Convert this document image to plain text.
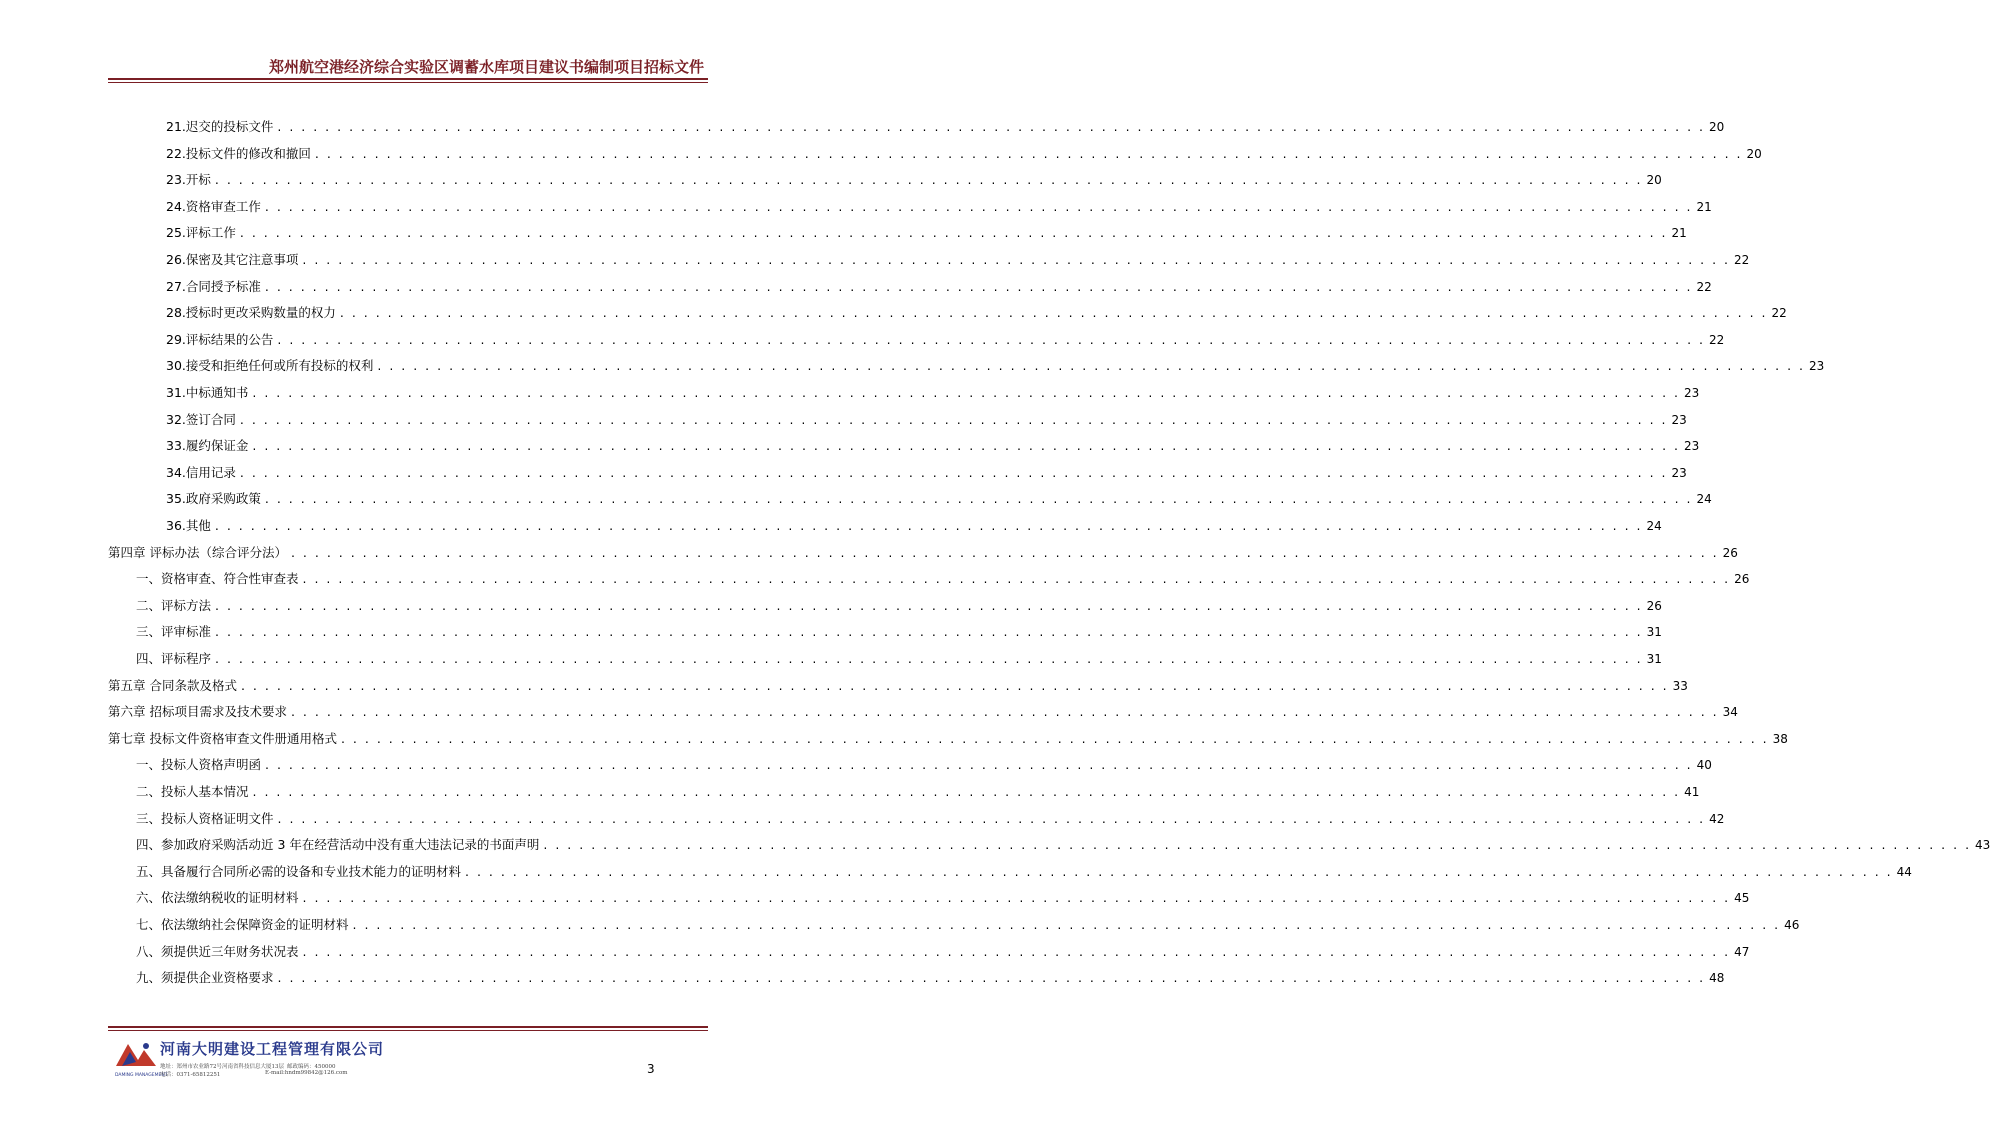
郑州航空港经济综合实验区调蓄水库项目建议书编制项目招标文件
21.迟交的投标文件 . . . . . . . . . . . . . . . . . . . . . . . . . . . . . . . . . . . . . . . . . . . . . . . . . . . . . . . . . . . . . . . . . . . . . . . . . . . . . . . . . . . . . . . . . . . . . . . . . . . . . . . . . . . . . . . . . . . . . . . . 20
22.投标文件的修改和撤回 . . . . . . . . . . . . . . . . . . . . . . . . . . . . . . . . . . . . . . . . . . . . . . . . . . . . . . . . . . . . . . . . . . . . . . . . . . . . . . . . . . . . . . . . . . . . . . . . . . . . . . . . . . . . . . . . . . . . . . . . 20
23.开标 . . . . . . . . . . . . . . . . . . . . . . . . . . . . . . . . . . . . . . . . . . . . . . . . . . . . . . . . . . . . . . . . . . . . . . . . . . . . . . . . . . . . . . . . . . . . . . . . . . . . . . . . . . . . . . . . . . . . . . . . 20
24.资格审查工作 . . . . . . . . . . . . . . . . . . . . . . . . . . . . . . . . . . . . . . . . . . . . . . . . . . . . . . . . . . . . . . . . . . . . . . . . . . . . . . . . . . . . . . . . . . . . . . . . . . . . . . . . . . . . . . . . . . . . . . . . 21
25.评标工作 . . . . . . . . . . . . . . . . . . . . . . . . . . . . . . . . . . . . . . . . . . . . . . . . . . . . . . . . . . . . . . . . . . . . . . . . . . . . . . . . . . . . . . . . . . . . . . . . . . . . . . . . . . . . . . . . . . . . . . . . 21
26.保密及其它注意事项 . . . . . . . . . . . . . . . . . . . . . . . . . . . . . . . . . . . . . . . . . . . . . . . . . . . . . . . . . . . . . . . . . . . . . . . . . . . . . . . . . . . . . . . . . . . . . . . . . . . . . . . . . . . . . . . . . . . . . . . . 22
27.合同授予标准 . . . . . . . . . . . . . . . . . . . . . . . . . . . . . . . . . . . . . . . . . . . . . . . . . . . . . . . . . . . . . . . . . . . . . . . . . . . . . . . . . . . . . . . . . . . . . . . . . . . . . . . . . . . . . . . . . . . . . . . . 22
28.授标时更改采购数量的权力 . . . . . . . . . . . . . . . . . . . . . . . . . . . . . . . . . . . . . . . . . . . . . . . . . . . . . . . . . . . . . . . . . . . . . . . . . . . . . . . . . . . . . . . . . . . . . . . . . . . . . . . . . . . . . . . . . . . . . . . . 22
29.评标结果的公告 . . . . . . . . . . . . . . . . . . . . . . . . . . . . . . . . . . . . . . . . . . . . . . . . . . . . . . . . . . . . . . . . . . . . . . . . . . . . . . . . . . . . . . . . . . . . . . . . . . . . . . . . . . . . . . . . . . . . . . . . 22
30.接受和拒绝任何或所有投标的权利 . . . . . . . . . . . . . . . . . . . . . . . . . . . . . . . . . . . . . . . . . . . . . . . . . . . . . . . . . . . . . . . . . . . . . . . . . . . . . . . . . . . . . . . . . . . . . . . . . . . . . . . . . . . . . . . . . . . . . . . . 23
31.中标通知书 . . . . . . . . . . . . . . . . . . . . . . . . . . . . . . . . . . . . . . . . . . . . . . . . . . . . . . . . . . . . . . . . . . . . . . . . . . . . . . . . . . . . . . . . . . . . . . . . . . . . . . . . . . . . . . . . . . . . . . . . 23
32.签订合同 . . . . . . . . . . . . . . . . . . . . . . . . . . . . . . . . . . . . . . . . . . . . . . . . . . . . . . . . . . . . . . . . . . . . . . . . . . . . . . . . . . . . . . . . . . . . . . . . . . . . . . . . . . . . . . . . . . . . . . . . 23
33.履约保证金 . . . . . . . . . . . . . . . . . . . . . . . . . . . . . . . . . . . . . . . . . . . . . . . . . . . . . . . . . . . . . . . . . . . . . . . . . . . . . . . . . . . . . . . . . . . . . . . . . . . . . . . . . . . . . . . . . . . . . . . . 23
34.信用记录 . . . . . . . . . . . . . . . . . . . . . . . . . . . . . . . . . . . . . . . . . . . . . . . . . . . . . . . . . . . . . . . . . . . . . . . . . . . . . . . . . . . . . . . . . . . . . . . . . . . . . . . . . . . . . . . . . . . . . . . . 23
35.政府采购政策 . . . . . . . . . . . . . . . . . . . . . . . . . . . . . . . . . . . . . . . . . . . . . . . . . . . . . . . . . . . . . . . . . . . . . . . . . . . . . . . . . . . . . . . . . . . . . . . . . . . . . . . . . . . . . . . . . . . . . . . . 24
36.其他 . . . . . . . . . . . . . . . . . . . . . . . . . . . . . . . . . . . . . . . . . . . . . . . . . . . . . . . . . . . . . . . . . . . . . . . . . . . . . . . . . . . . . . . . . . . . . . . . . . . . . . . . . . . . . . . . . . . . . . . . 24
第四章 评标办法（综合评分法） . . . . . . . . . . . . . . . . . . . . . . . . . . . . . . . . . . . . . . . . . . . . . . . . . . . . . . . . . . . . . . . . . . . . . . . . . . . . . . . . . . . . . . . . . . . . . . . . . . . . . . . . . . . . . . . . . . . . . . . . 26
一、资格审查、符合性审查表 . . . . . . . . . . . . . . . . . . . . . . . . . . . . . . . . . . . . . . . . . . . . . . . . . . . . . . . . . . . . . . . . . . . . . . . . . . . . . . . . . . . . . . . . . . . . . . . . . . . . . . . . . . . . . . . . . . . . . . . . 26
二、评标方法 . . . . . . . . . . . . . . . . . . . . . . . . . . . . . . . . . . . . . . . . . . . . . . . . . . . . . . . . . . . . . . . . . . . . . . . . . . . . . . . . . . . . . . . . . . . . . . . . . . . . . . . . . . . . . . . . . . . . . . . . 26
三、评审标准 . . . . . . . . . . . . . . . . . . . . . . . . . . . . . . . . . . . . . . . . . . . . . . . . . . . . . . . . . . . . . . . . . . . . . . . . . . . . . . . . . . . . . . . . . . . . . . . . . . . . . . . . . . . . . . . . . . . . . . . . 31
四、评标程序 . . . . . . . . . . . . . . . . . . . . . . . . . . . . . . . . . . . . . . . . . . . . . . . . . . . . . . . . . . . . . . . . . . . . . . . . . . . . . . . . . . . . . . . . . . . . . . . . . . . . . . . . . . . . . . . . . . . . . . . . 31
第五章 合同条款及格式 . . . . . . . . . . . . . . . . . . . . . . . . . . . . . . . . . . . . . . . . . . . . . . . . . . . . . . . . . . . . . . . . . . . . . . . . . . . . . . . . . . . . . . . . . . . . . . . . . . . . . . . . . . . . . . . . . . . . . . . . 33
第六章 招标项目需求及技术要求 . . . . . . . . . . . . . . . . . . . . . . . . . . . . . . . . . . . . . . . . . . . . . . . . . . . . . . . . . . . . . . . . . . . . . . . . . . . . . . . . . . . . . . . . . . . . . . . . . . . . . . . . . . . . . . . . . . . . . . . . 34
第七章 投标文件资格审查文件册通用格式 . . . . . . . . . . . . . . . . . . . . . . . . . . . . . . . . . . . . . . . . . . . . . . . . . . . . . . . . . . . . . . . . . . . . . . . . . . . . . . . . . . . . . . . . . . . . . . . . . . . . . . . . . . . . . . . . . . . . . . . . 38
一、投标人资格声明函 . . . . . . . . . . . . . . . . . . . . . . . . . . . . . . . . . . . . . . . . . . . . . . . . . . . . . . . . . . . . . . . . . . . . . . . . . . . . . . . . . . . . . . . . . . . . . . . . . . . . . . . . . . . . . . . . . . . . . . . . 40
二、投标人基本情况 . . . . . . . . . . . . . . . . . . . . . . . . . . . . . . . . . . . . . . . . . . . . . . . . . . . . . . . . . . . . . . . . . . . . . . . . . . . . . . . . . . . . . . . . . . . . . . . . . . . . . . . . . . . . . . . . . . . . . . . . 41
三、投标人资格证明文件 . . . . . . . . . . . . . . . . . . . . . . . . . . . . . . . . . . . . . . . . . . . . . . . . . . . . . . . . . . . . . . . . . . . . . . . . . . . . . . . . . . . . . . . . . . . . . . . . . . . . . . . . . . . . . . . . . . . . . . . . 42
四、参加政府采购活动近 3 年在经营活动中没有重大违法记录的书面声明 . . . . . . . . . . . . . . . . . . . . . . . . . . . . . . . . . . . . . . . . . . . . . . . . . . . . . . . . . . . . . . . . . . . . . . . . . . . . . . . . . . . . . . . . . . . . . . . . . . . . . . . . . . . . . . . . . . . . . . . . 43
五、具备履行合同所必需的设备和专业技术能力的证明材料 . . . . . . . . . . . . . . . . . . . . . . . . . . . . . . . . . . . . . . . . . . . . . . . . . . . . . . . . . . . . . . . . . . . . . . . . . . . . . . . . . . . . . . . . . . . . . . . . . . . . . . . . . . . . . . . . . . . . . . . . 44
六、依法缴纳税收的证明材料 . . . . . . . . . . . . . . . . . . . . . . . . . . . . . . . . . . . . . . . . . . . . . . . . . . . . . . . . . . . . . . . . . . . . . . . . . . . . . . . . . . . . . . . . . . . . . . . . . . . . . . . . . . . . . . . . . . . . . . . . 45
七、依法缴纳社会保障资金的证明材料 . . . . . . . . . . . . . . . . . . . . . . . . . . . . . . . . . . . . . . . . . . . . . . . . . . . . . . . . . . . . . . . . . . . . . . . . . . . . . . . . . . . . . . . . . . . . . . . . . . . . . . . . . . . . . . . . . . . . . . . . 46
八、须提供近三年财务状况表 . . . . . . . . . . . . . . . . . . . . . . . . . . . . . . . . . . . . . . . . . . . . . . . . . . . . . . . . . . . . . . . . . . . . . . . . . . . . . . . . . . . . . . . . . . . . . . . . . . . . . . . . . . . . . . . . . . . . . . . . 47
九、须提供企业资格要求 . . . . . . . . . . . . . . . . . . . . . . . . . . . . . . . . . . . . . . . . . . . . . . . . . . . . . . . . . . . . . . . . . . . . . . . . . . . . . . . . . . . . . . . . . . . . . . . . . . . . . . . . . . . . . . . . . . . . . . . . 48
DAMING MANAGEMENT
河南大明建设工程管理有限公司
地址：郑州市农业路72号河南省科技信息大厦13层 邮政编码：450000
电话：0371-65812251	E-mail:hndm99842@126.com	3
